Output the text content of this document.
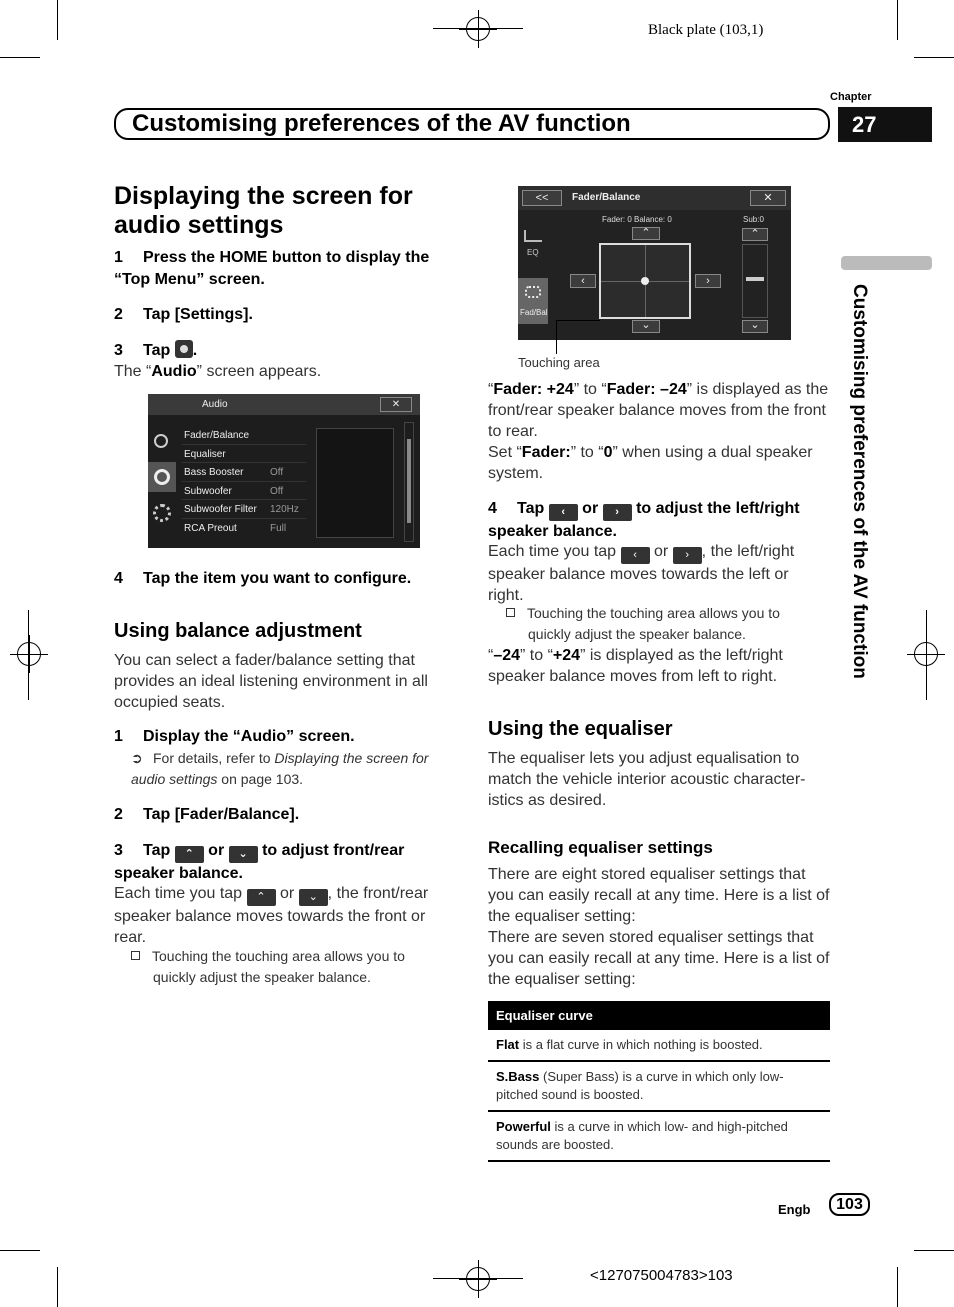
Black plate (103,1)
Chapter
Customising preferences of the AV function	27
Customising preferences of the AV function
Displaying the screen for audio settings
1 Press the HOME button to display the “Top Menu” screen.
2 Tap [Settings].
3 Tap .
The “Audio” screen appears.
Audio	✕
Fader/Balance
Equaliser
Bass Booster	Off
Subwoofer	Off
Subwoofer Filter 120Hz
RCA Preout	Full
4 Tap the item you want to configure.
Using balance adjustment
You can select a fader/balance setting that provides an ideal listening environment in all occupied seats.
1 Display the “Audio” screen.
➲ For details, refer to Displaying the screen for audio settings on page 103.
2 Tap [Fader/Balance].
3 Tap ⌃ or ⌄ to adjust front/rear speaker balance.
Each time you tap ⌃ or ⌄ , the front/rear speaker balance moves towards the front or rear.
Touching the touching area allows you to quickly adjust the speaker balance.
<<	Fader/Balance	✕
EQ
Fad/Bal
Fader: 0 Balance: 0	Sub:0
⌃
⌄
‹	›
⌃
⌄
Touching area
“Fader: +24” to “Fader: –24” is displayed as the front/rear speaker balance moves from the front to rear.
Set “Fader:” to “0” when using a dual speaker system.
4 Tap ‹ or › to adjust the left/right speaker balance.
Each time you tap ‹ or › , the left/right speaker balance moves towards the left or right.
Touching the touching area allows you to quickly adjust the speaker balance.
“–24” to “+24” is displayed as the left/right speaker balance moves from left to right.
Using the equaliser
The equaliser lets you adjust equalisation to match the vehicle interior acoustic character-istics as desired.
Recalling equaliser settings
There are eight stored equaliser settings that you can easily recall at any time. Here is a list of the equaliser setting:
There are seven stored equaliser settings that you can easily recall at any time. Here is a list of the equaliser setting:
Equaliser curve
Flat is a flat curve in which nothing is boosted.
S.Bass (Super Bass) is a curve in which only low-pitched sound is boosted.
Powerful is a curve in which low- and high-pitched sounds are boosted.
Engb	103
<127075004783>103
